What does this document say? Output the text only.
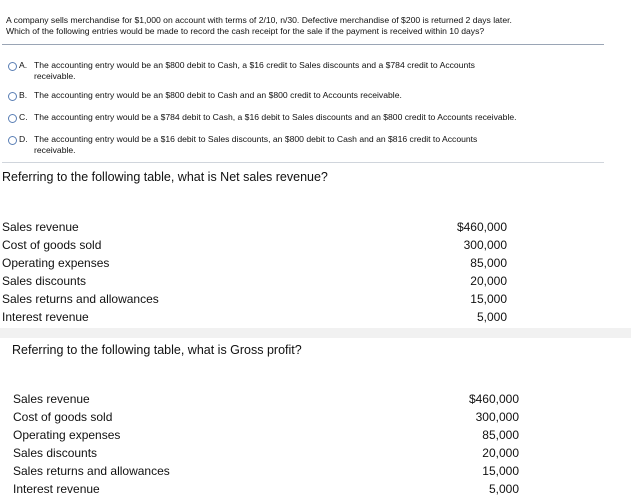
A company sells merchandise for $1,000 on account with terms of 2/10, n/30. Defective merchandise of $200 is returned 2 days later.
Which of the following entries would be made to record the cash receipt for the sale if the payment is received within 10 days?
A. The accounting entry would be an $800 debit to Cash, a $16 credit to Sales discounts and a $784 credit to Accounts
receivable.
B. The accounting entry would be an $800 debit to Cash and an $800 credit to Accounts receivable.
C. The accounting entry would be a $784 debit to Cash, a $16 debit to Sales discounts and an $800 credit to Accounts receivable.
D. The accounting entry would be a $16 debit to Sales discounts, an $800 debit to Cash and an $816 credit to Accounts
receivable.
Referring to the following table, what is Net sales revenue?
Sales revenue	$460,000
Cost of goods sold	300,000
Operating expenses	85,000
Sales discounts	20,000
Sales returns and allowances	15,000
Interest revenue	5,000
Referring to the following table, what is Gross profit?
Sales revenue	$460,000
Cost of goods sold	300,000
Operating expenses	85,000
Sales discounts	20,000
Sales returns and allowances	15,000
Interest revenue	5,000
